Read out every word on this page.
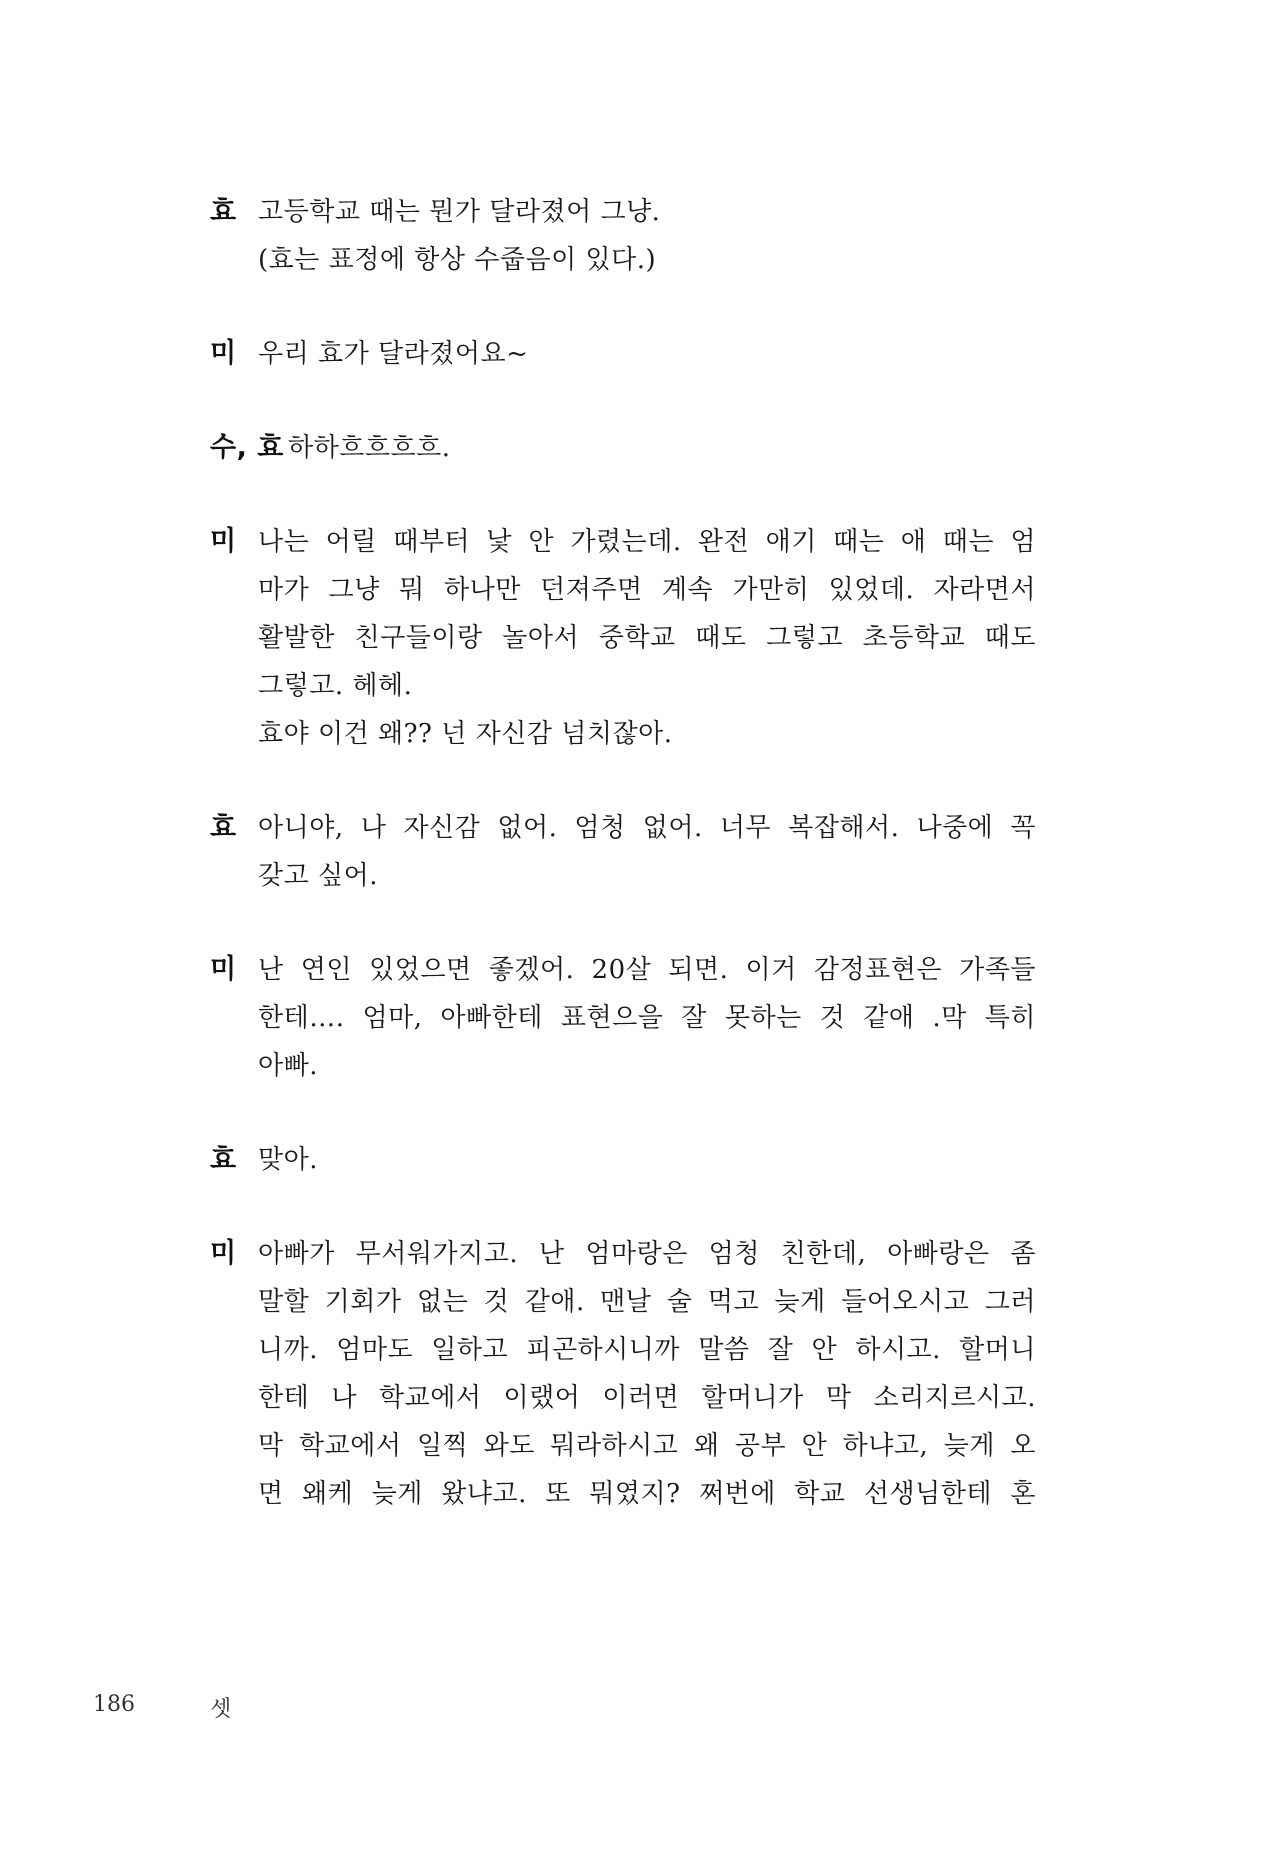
효 고등학교 때는 뭔가 달라졌어 그냥.
(효는 표정에 항상 수줍음이 있다.)
미 우리 효가 달라졌어요~
수, 효 하하흐흐흐흐.
미 나는 어릴 때부터 낯 안 가렸는데. 완전 애기 때는 애 때는 엄
마가 그냥 뭐 하나만 던져주면 계속 가만히 있었데. 자라면서
활발한 친구들이랑 놀아서 중학교 때도 그렇고 초등학교 때도
그렇고. 헤헤.
효야 이건 왜?? 넌 자신감 넘치잖아.
효 아니야, 나 자신감 없어. 엄청 없어. 너무 복잡해서. 나중에 꼭
갖고 싶어.
미 난 연인 있었으면 좋겠어. 20살 되면. 이거 감정표현은 가족들
한테…. 엄마, 아빠한테 표현으을 잘 못하는 것 같애 .막 특히
아빠.
효 맞아.
미 아빠가 무서워가지고. 난 엄마랑은 엄청 친한데, 아빠랑은 좀
말할 기회가 없는 것 같애. 맨날 술 먹고 늦게 들어오시고 그러
니까. 엄마도 일하고 피곤하시니까 말씀 잘 안 하시고. 할머니
한테 나 학교에서 이랬어 이러면 할머니가 막 소리지르시고.
막 학교에서 일찍 와도 뭐라하시고 왜 공부 안 하냐고, 늦게 오
면 왜케 늦게 왔냐고. 또 뭐였지? 쩌번에 학교 선생님한테 혼
186	셋
